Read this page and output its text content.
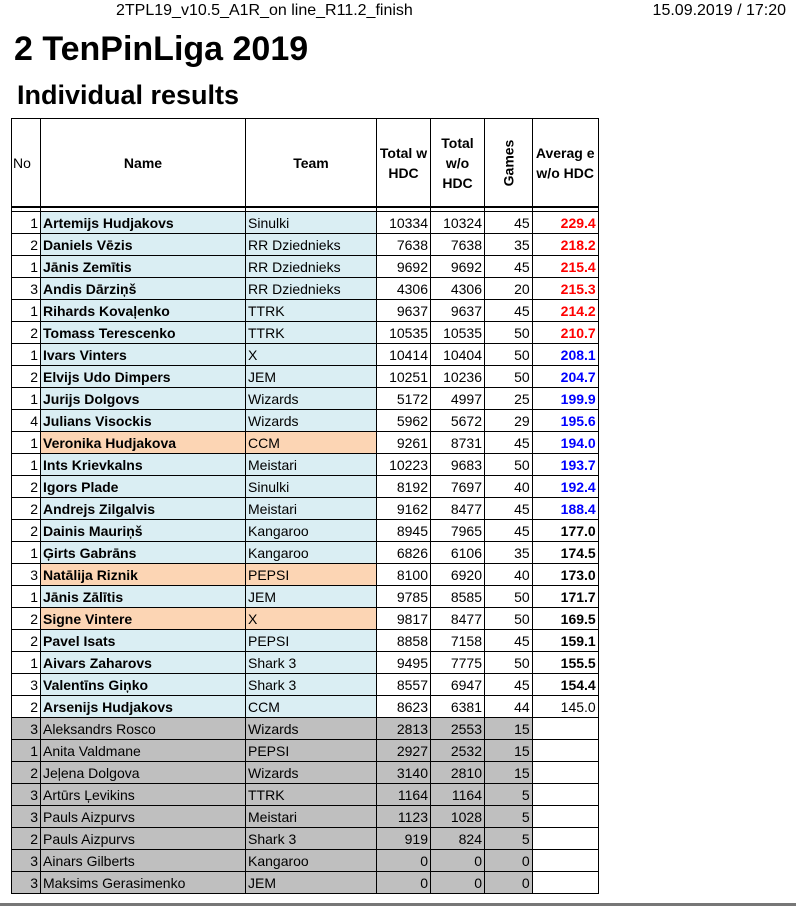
2TPL19_v10.5_A1R_on line_R11.2_finish	15.09.2019 / 17:20
2 TenPinLiga 2019
Individual results
No	Name	Team	Total w HDC	Total w/o HDC	Games	Averag e w/o HDC

1	Artemijs Hudjakovs	Sinulki	10334	10324	45	229.4
2	Daniels Vēzis	RR Dziednieks	7638	7638	35	218.2
1	Jānis Zemītis	RR Dziednieks	9692	9692	45	215.4
3	Andis Dārziņš	RR Dziednieks	4306	4306	20	215.3
1	Rihards Kovaļenko	TTRK	9637	9637	45	214.2
2	Tomass Terescenko	TTRK	10535	10535	50	210.7
1	Ivars Vinters	X	10414	10404	50	208.1
2	Elvijs Udo Dimpers	JEM	10251	10236	50	204.7
1	Jurijs Dolgovs	Wizards	5172	4997	25	199.9
4	Julians Visockis	Wizards	5962	5672	29	195.6
1	Veronika Hudjakova	CCM	9261	8731	45	194.0
1	Ints Krievkalns	Meistari	10223	9683	50	193.7
2	Igors Plade	Sinulki	8192	7697	40	192.4
2	Andrejs Zilgalvis	Meistari	9162	8477	45	188.4
2	Dainis Mauriņš	Kangaroo	8945	7965	45	177.0
1	Ģirts Gabrāns	Kangaroo	6826	6106	35	174.5
3	Natālija Riznik	PEPSI	8100	6920	40	173.0
1	Jānis Zālītis	JEM	9785	8585	50	171.7
2	Signe Vintere	X	9817	8477	50	169.5
2	Pavel Isats	PEPSI	8858	7158	45	159.1
1	Aivars Zaharovs	Shark 3	9495	7775	50	155.5
3	Valentīns Giņko	Shark 3	8557	6947	45	154.4
2	Arsenijs Hudjakovs	CCM	8623	6381	44	145.0
3	Aleksandrs Rosco	Wizards	2813	2553	15	
1	Anita Valdmane	PEPSI	2927	2532	15	
2	Jeļena Dolgova	Wizards	3140	2810	15	
3	Artūrs Ļevikins	TTRK	1164	1164	5	
3	Pauls Aizpurvs	Meistari	1123	1028	5	
2	Pauls Aizpurvs	Shark 3	919	824	5	
3	Ainars Gilberts	Kangaroo	0	0	0	
3	Maksims Gerasimenko	JEM	0	0	0	
